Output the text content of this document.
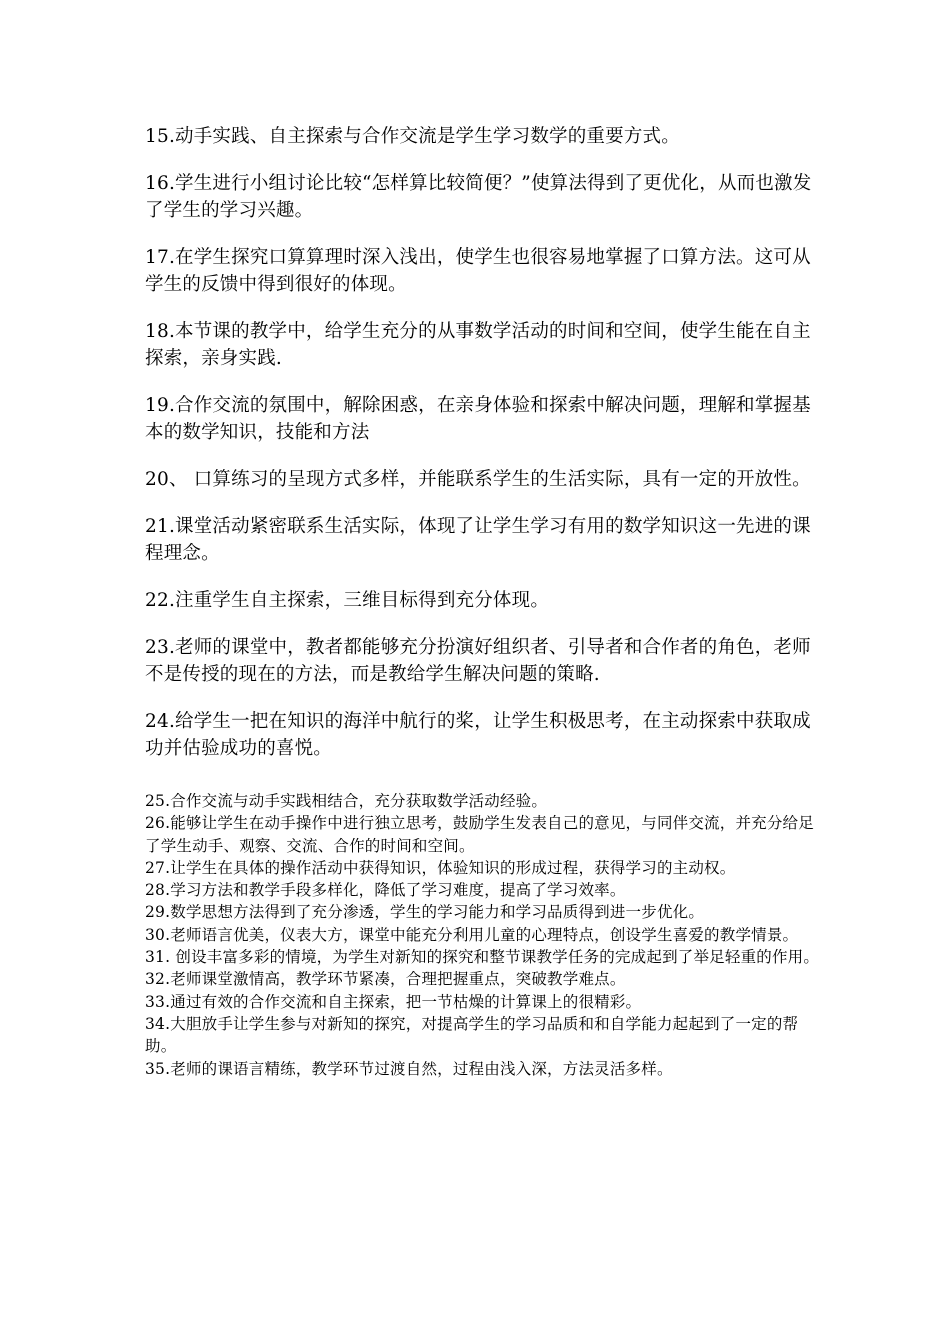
15.动手实践、自主探索与合作交流是学生学习数学的重要方式。

16.学生进行小组讨论比较“怎样算比较简便？”使算法得到了更优化，从而也激发了学生的学习兴趣。

17.在学生探究口算算理时深入浅出，使学生也很容易地掌握了口算方法。这可从学生的反馈中得到很好的体现。

18.本节课的教学中，给学生充分的从事数学活动的时间和空间，使学生能在自主探索，亲身实践.

19.合作交流的氛围中，解除困惑，在亲身体验和探索中解决问题，理解和掌握基本的数学知识，技能和方法

20、 口算练习的呈现方式多样，并能联系学生的生活实际，具有一定的开放性。

21.课堂活动紧密联系生活实际，体现了让学生学习有用的数学知识这一先进的课程理念。

22.注重学生自主探索，三维目标得到充分体现。

23.老师的课堂中，教者都能够充分扮演好组织者、引导者和合作者的角色，老师不是传授的现在的方法，而是教给学生解决问题的策略.

24.给学生一把在知识的海洋中航行的桨，让学生积极思考，在主动探索中获取成功并估验成功的喜悦。

25.合作交流与动手实践相结合，充分获取数学活动经验。

26.能够让学生在动手操作中进行独立思考，鼓励学生发表自己的意见，与同伴交流，并充分给足了学生动手、观察、交流、合作的时间和空间。

27.让学生在具体的操作活动中获得知识，体验知识的形成过程，获得学习的主动权。

28.学习方法和教学手段多样化，降低了学习难度，提高了学习效率。

29.数学思想方法得到了充分渗透，学生的学习能力和学习品质得到进一步优化。

30.老师语言优美，仪表大方，课堂中能充分利用儿童的心理特点，创设学生喜爱的教学情景。

31. 创设丰富多彩的情境，为学生对新知的探究和整节课教学任务的完成起到了举足轻重的作用。

32.老师课堂激情高，教学环节紧凑，合理把握重点，突破教学难点。

33.通过有效的合作交流和自主探索，把一节枯燥的计算课上的很精彩。

34.大胆放手让学生参与对新知的探究，对提高学生的学习品质和和自学能力起起到了一定的帮助。

35.老师的课语言精练，教学环节过渡自然，过程由浅入深，方法灵活多样。
